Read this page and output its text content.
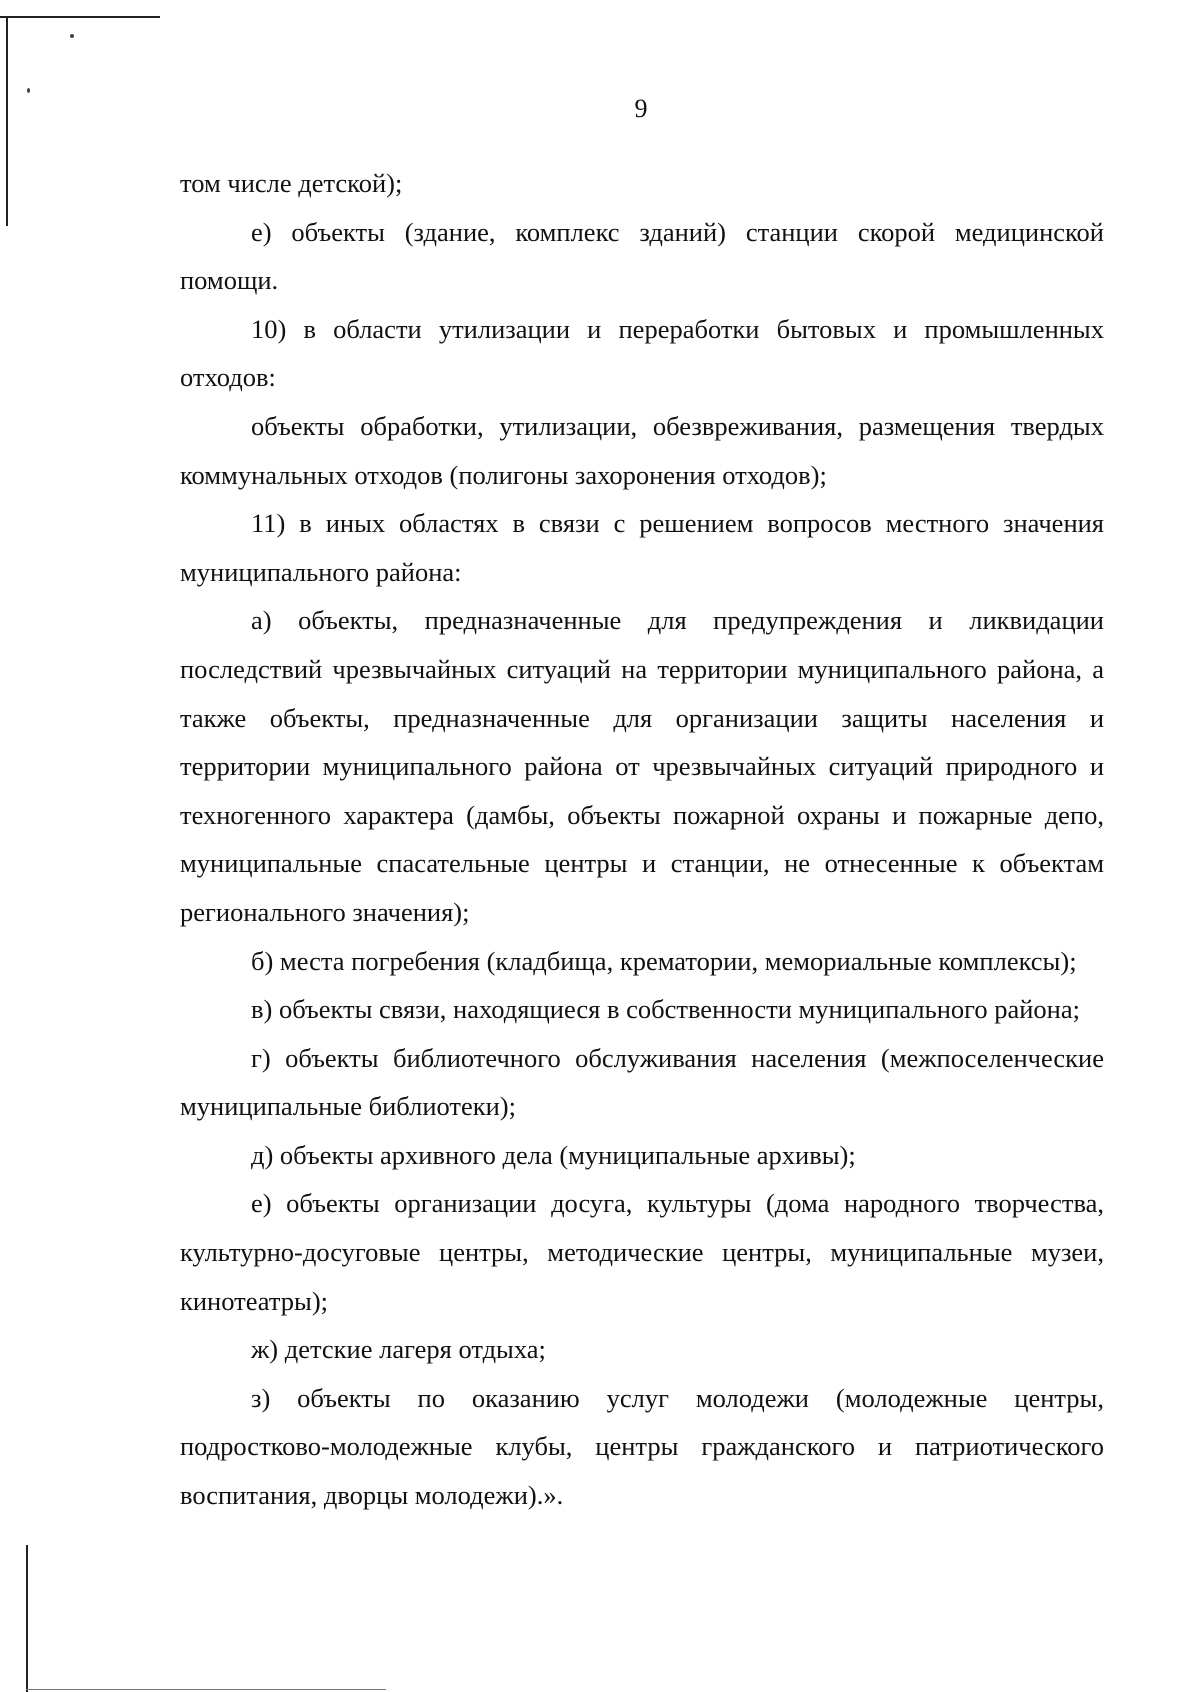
9

том числе детской);

е) объекты (здание, комплекс зданий) станции скорой медицинской помощи.

10) в области утилизации и переработки бытовых и промышленных отходов:

объекты обработки, утилизации, обезвреживания, размещения твердых коммунальных отходов (полигоны захоронения отходов);

11) в иных областях в связи с решением вопросов местного значения муниципального района:

а) объекты, предназначенные для предупреждения и ликвидации последствий чрезвычайных ситуаций на территории муниципального района, а также объекты, предназначенные для организации защиты населения и территории муниципального района от чрезвычайных ситуаций природного и техногенного характера (дамбы, объекты пожарной охраны и пожарные депо, муниципальные спасательные центры и станции, не отнесенные к объектам регионального значения);

б) места погребения (кладбища, крематории, мемориальные комплексы);

в) объекты связи, находящиеся в собственности муниципального района;

г) объекты библиотечного обслуживания населения (межпоселенческие муниципальные библиотеки);

д) объекты архивного дела (муниципальные архивы);

е) объекты организации досуга, культуры (дома народного творчества, культурно-досуговые центры, методические центры, муниципальные музеи, кинотеатры);

ж) детские лагеря отдыха;

з) объекты по оказанию услуг молодежи (молодежные центры, подростково-молодежные клубы, центры гражданского и патриотического воспитания, дворцы молодежи).».
